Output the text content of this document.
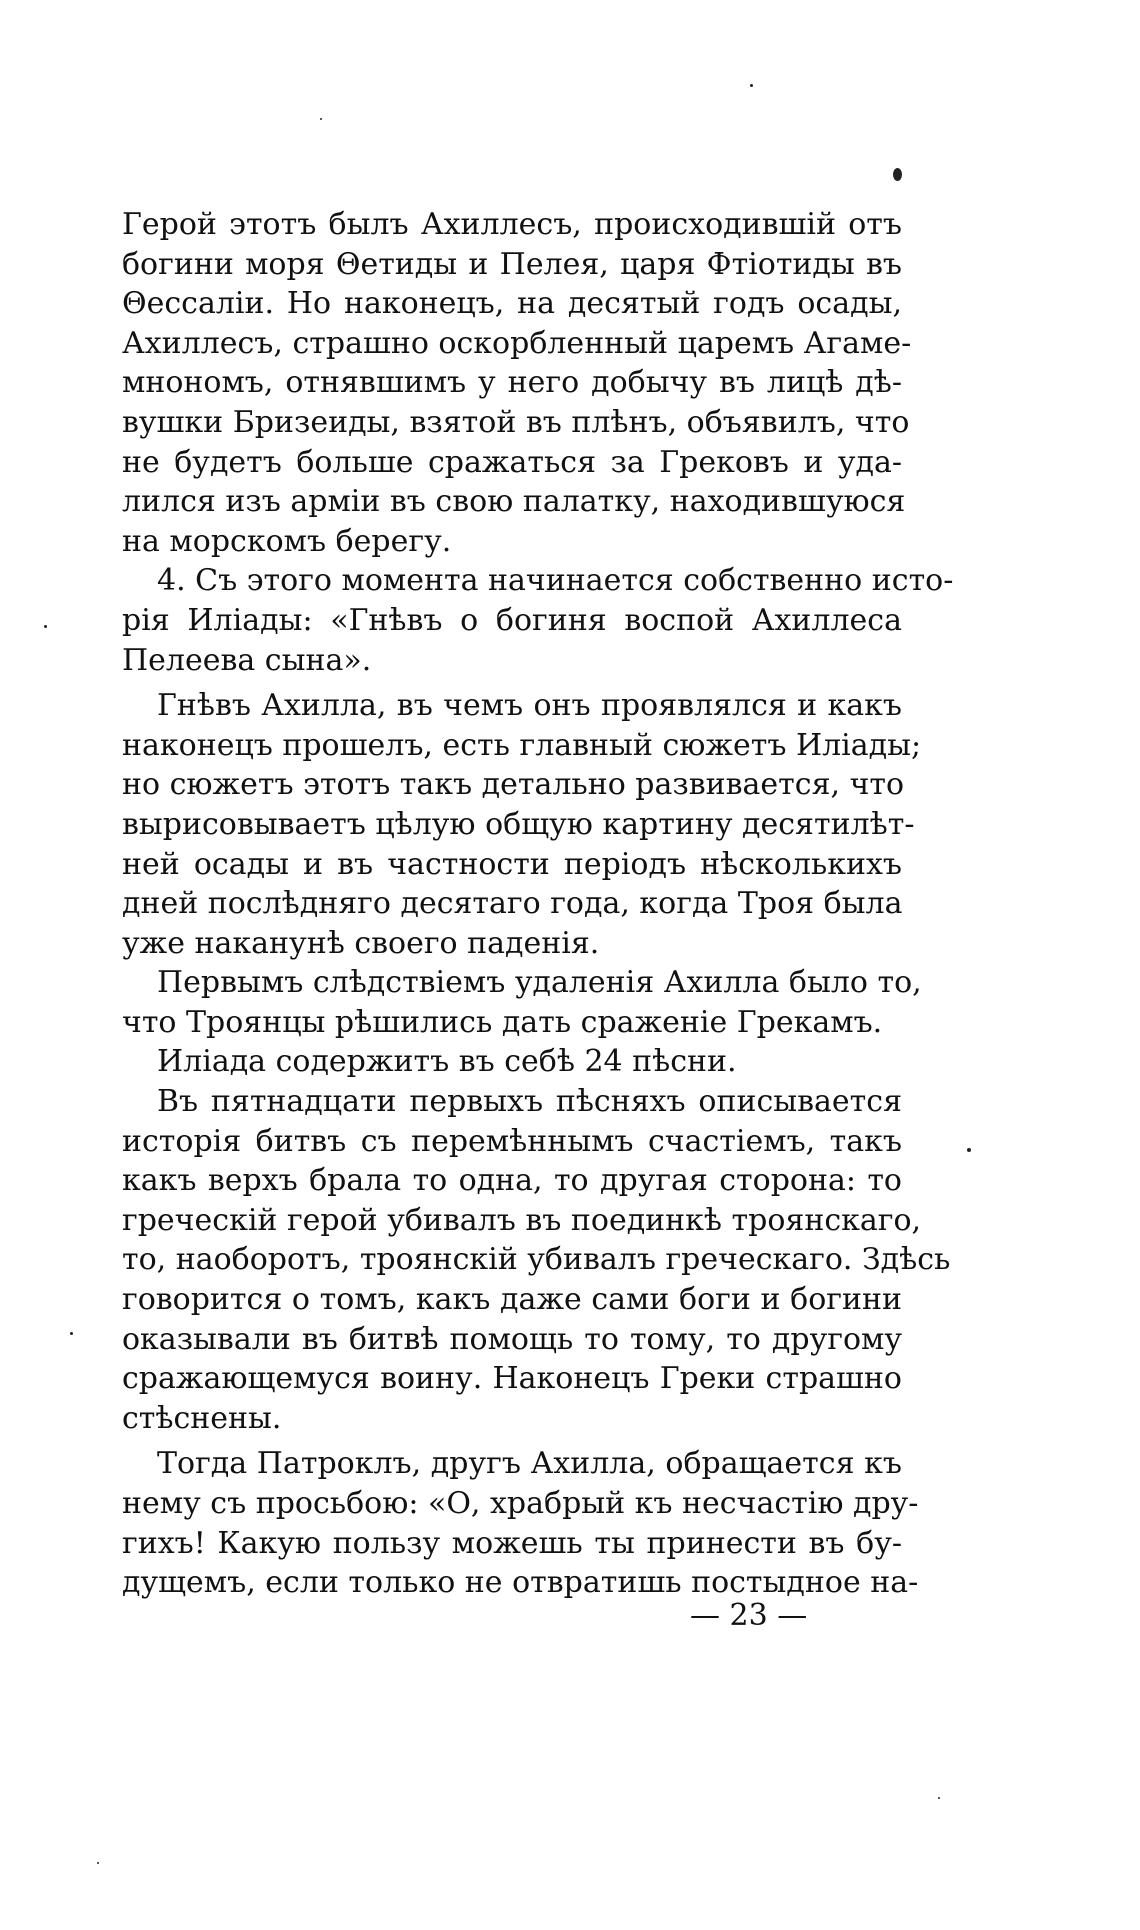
Герой этотъ былъ Ахиллесъ, происходившій отъ
богини моря Θетиды и Пелея, царя Фтіотиды въ
Θессаліи. Но наконецъ, на десятый годъ осады,
Ахиллесъ, страшно оскорбленный царемъ Агаме-
мнономъ, отнявшимъ у него добычу въ лицѣ дѣ-
вушки Бризеиды, взятой въ плѣнъ, объявилъ, что
не будетъ больше сражаться за Грековъ и уда-
лился изъ арміи въ свою палатку, находившуюся
на морскомъ берегу.
4. Съ этого момента начинается собственно исто-
рія Иліады: «Гнѣвъ о богиня воспой Ахиллеса
Пелеева сына».
Гнѣвъ Ахилла, въ чемъ онъ проявлялся и какъ
наконецъ прошелъ, есть главный сюжетъ Иліады;
но сюжетъ этотъ такъ детально развивается, что
вырисовываетъ цѣлую общую картину десятилѣт-
ней осады и въ частности періодъ нѣсколькихъ
дней послѣдняго десятаго года, когда Троя была
уже наканунѣ своего паденія.
Первымъ слѣдствіемъ удаленія Ахилла было то,
что Троянцы рѣшились дать сраженіе Грекамъ.
Иліада содержитъ въ себѣ 24 пѣсни.
Въ пятнадцати первыхъ пѣсняхъ описывается
исторія битвъ съ перемѣннымъ счастіемъ, такъ
какъ верхъ брала то одна, то другая сторона: то
греческій герой убивалъ въ поединкѣ троянскаго,
то, наоборотъ, троянскій убивалъ греческаго. Здѣсь
говорится о томъ, какъ даже сами боги и богини
оказывали въ битвѣ помощь то тому, то другому
сражающемуся воину. Наконецъ Греки страшно
стѣснены.
Тогда Патроклъ, другъ Ахилла, обращается къ
нему съ просьбою: «О, храбрый къ несчастію дру-
гихъ! Какую пользу можешь ты принести въ бу-
дущемъ, если только не отвратишь постыдное на-
— 23 —
